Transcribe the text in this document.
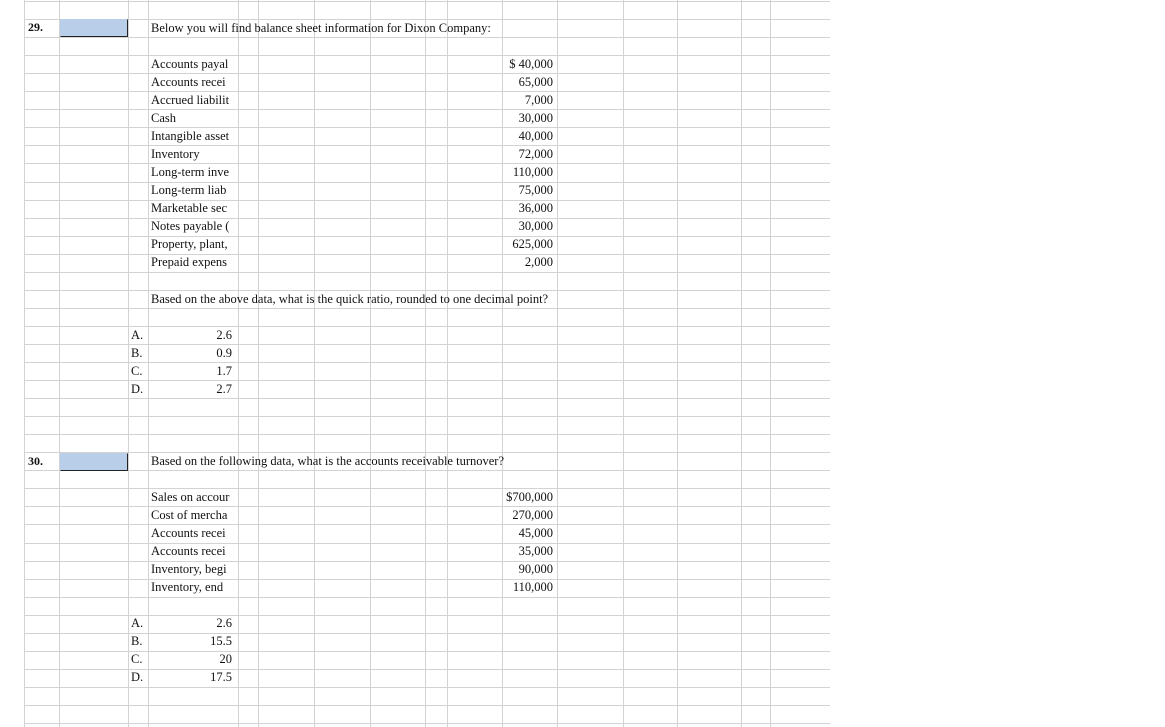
29.	Below you will find balance sheet information for Dixon Company:
Accounts payal	$ 40,000
Accounts recei	65,000
Accrued liabilit	7,000
Cash	30,000
Intangible asset	40,000
Inventory	72,000
Long-term inve	110,000
Long-term liab	75,000
Marketable sec	36,000
Notes payable (	30,000
Property, plant,	625,000
Prepaid expens	2,000
Based on the above data, what is the quick ratio, rounded to one decimal point?
A.	2.6
B.	0.9
C.	1.7
D.	2.7
30.	Based on the following data, what is the accounts receivable turnover?
Sales on accour	$700,000
Cost of mercha	270,000
Accounts recei	45,000
Accounts recei	35,000
Inventory, begi	90,000
Inventory, end	110,000
A.	2.6
B.	15.5
C.	20
D.	17.5
